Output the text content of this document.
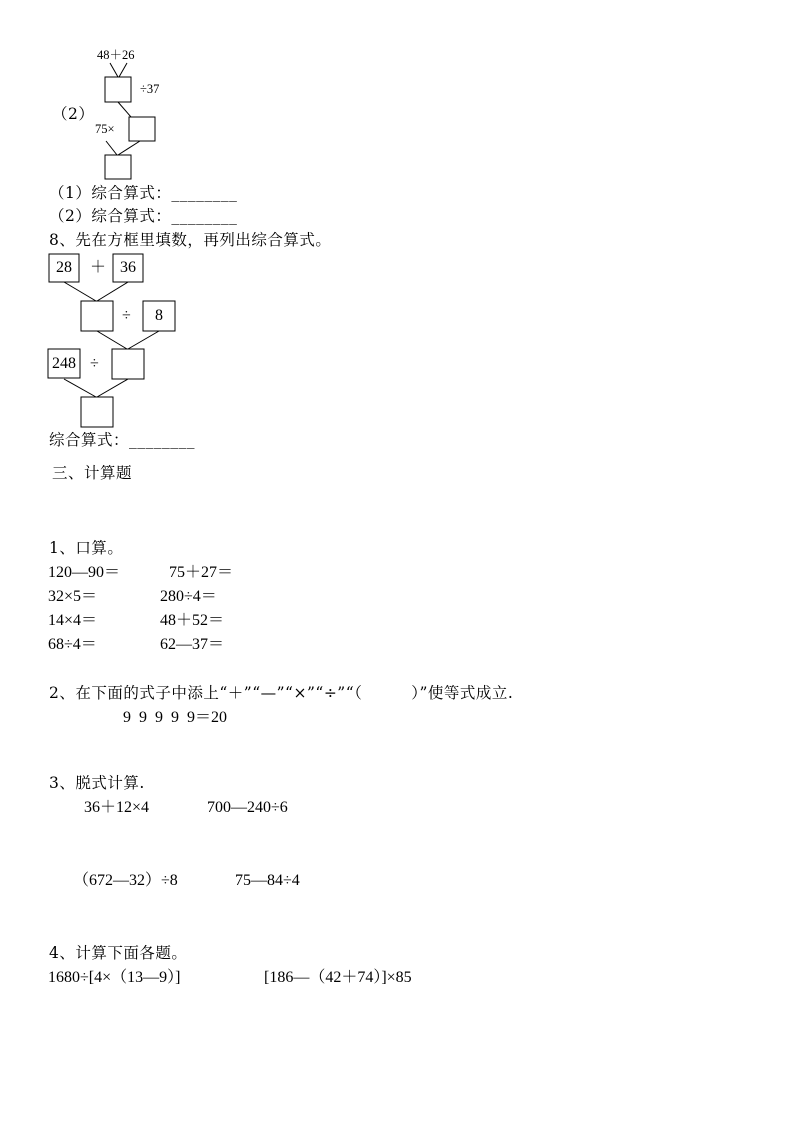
48＋26
÷37
（2）
75×
（1）综合算式：________
（2）综合算式：________
8、先在方框里填数，再列出综合算式。
28	＋ 36
÷	8
248 ÷
综合算式：________
三、计算题
1、口算。
120—90＝	75＋27＝
32×5＝	280÷4＝
14×4＝	48＋52＝
68÷4＝	62—37＝
2、在下面的式子中添上“＋”“—”“×”“÷”“（         ）”使等式成立.
9  9  9  9  9＝20
3、脱式计算.
36＋12×4	700—240÷6
（672—32）÷8	75—84÷4
4、计算下面各题。
1680÷[4×（13—9）]	[186—（42＋74）]×85
